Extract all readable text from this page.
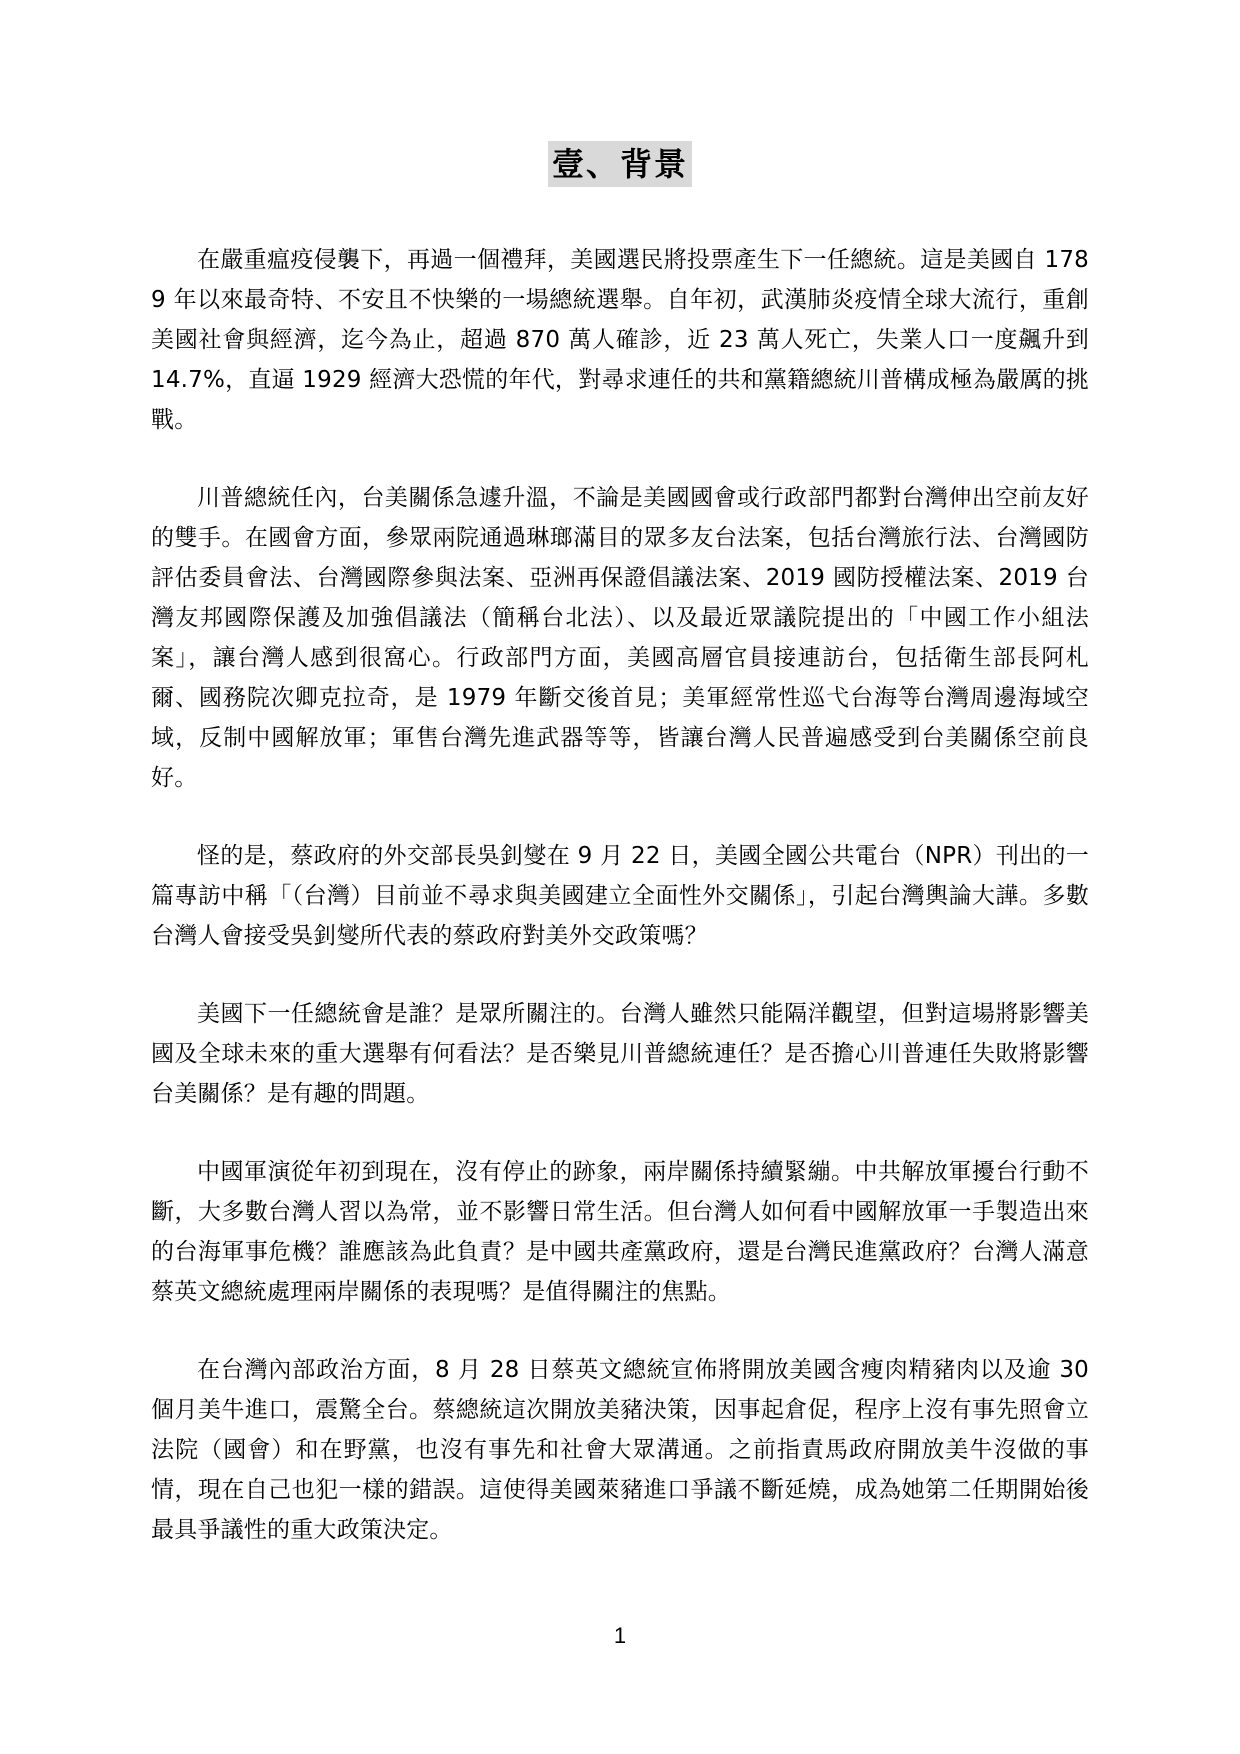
壹、背景

在嚴重瘟疫侵襲下，再過一個禮拜，美國選民將投票產生下一任總統。這是美國自 1789 年以來最奇特、不安且不快樂的一場總統選舉。自年初，武漢肺炎疫情全球大流行，重創美國社會與經濟，迄今為止，超過 870 萬人確診，近 23 萬人死亡，失業人口一度飆升到 14.7%，直逼 1929 經濟大恐慌的年代，對尋求連任的共和黨籍總統川普構成極為嚴厲的挑戰。

川普總統任內，台美關係急遽升溫，不論是美國國會或行政部門都對台灣伸出空前友好的雙手。在國會方面，參眾兩院通過琳瑯滿目的眾多友台法案，包括台灣旅行法、台灣國防評估委員會法、台灣國際參與法案、亞洲再保證倡議法案、2019 國防授權法案、2019 台灣友邦國際保護及加強倡議法（簡稱台北法）、以及最近眾議院提出的「中國工作小組法案」，讓台灣人感到很窩心。行政部門方面，美國高層官員接連訪台，包括衛生部長阿札爾、國務院次卿克拉奇，是 1979 年斷交後首見；美軍經常性巡弋台海等台灣周邊海域空域，反制中國解放軍；軍售台灣先進武器等等，皆讓台灣人民普遍感受到台美關係空前良好。

怪的是，蔡政府的外交部長吳釗燮在 9 月 22 日，美國全國公共電台（NPR）刊出的一篇專訪中稱「（台灣）目前並不尋求與美國建立全面性外交關係」，引起台灣輿論大譁。多數台灣人會接受吳釗燮所代表的蔡政府對美外交政策嗎？

美國下一任總統會是誰？是眾所關注的。台灣人雖然只能隔洋觀望，但對這場將影響美國及全球未來的重大選舉有何看法？是否樂見川普總統連任？是否擔心川普連任失敗將影響台美關係？是有趣的問題。

中國軍演從年初到現在，沒有停止的跡象，兩岸關係持續緊繃。中共解放軍擾台行動不斷，大多數台灣人習以為常，並不影響日常生活。但台灣人如何看中國解放軍一手製造出來的台海軍事危機？誰應該為此負責？是中國共產黨政府，還是台灣民進黨政府？台灣人滿意蔡英文總統處理兩岸關係的表現嗎？是值得關注的焦點。

在台灣內部政治方面，8 月 28 日蔡英文總統宣佈將開放美國含瘦肉精豬肉以及逾 30 個月美牛進口，震驚全台。蔡總統這次開放美豬決策，因事起倉促，程序上沒有事先照會立法院（國會）和在野黨，也沒有事先和社會大眾溝通。之前指責馬政府開放美牛沒做的事情，現在自己也犯一樣的錯誤。這使得美國萊豬進口爭議不斷延燒，成為她第二任期開始後最具爭議性的重大政策決定。

1
